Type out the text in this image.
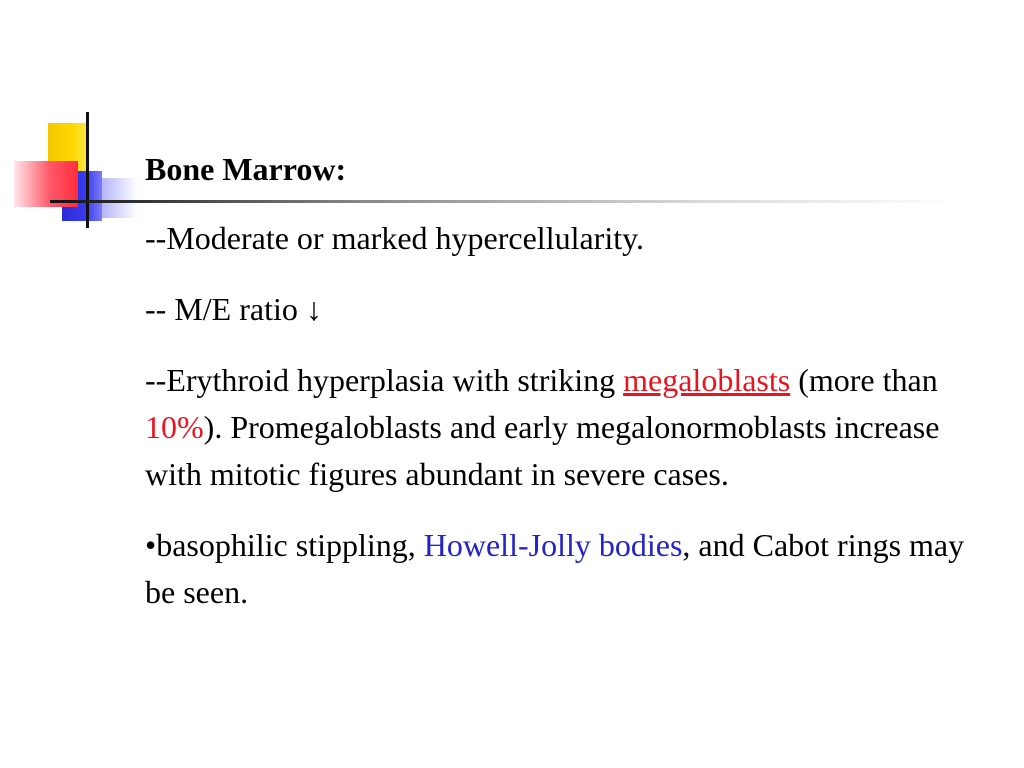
Bone Marrow:
--Moderate or marked hypercellularity.
-- M/E ratio ↓
--Erythroid hyperplasia with striking megaloblasts (more than 10%). Promegaloblasts and early megalonormoblasts increase with mitotic figures abundant in severe cases.
•basophilic stippling, Howell-Jolly bodies, and Cabot rings may be seen.
